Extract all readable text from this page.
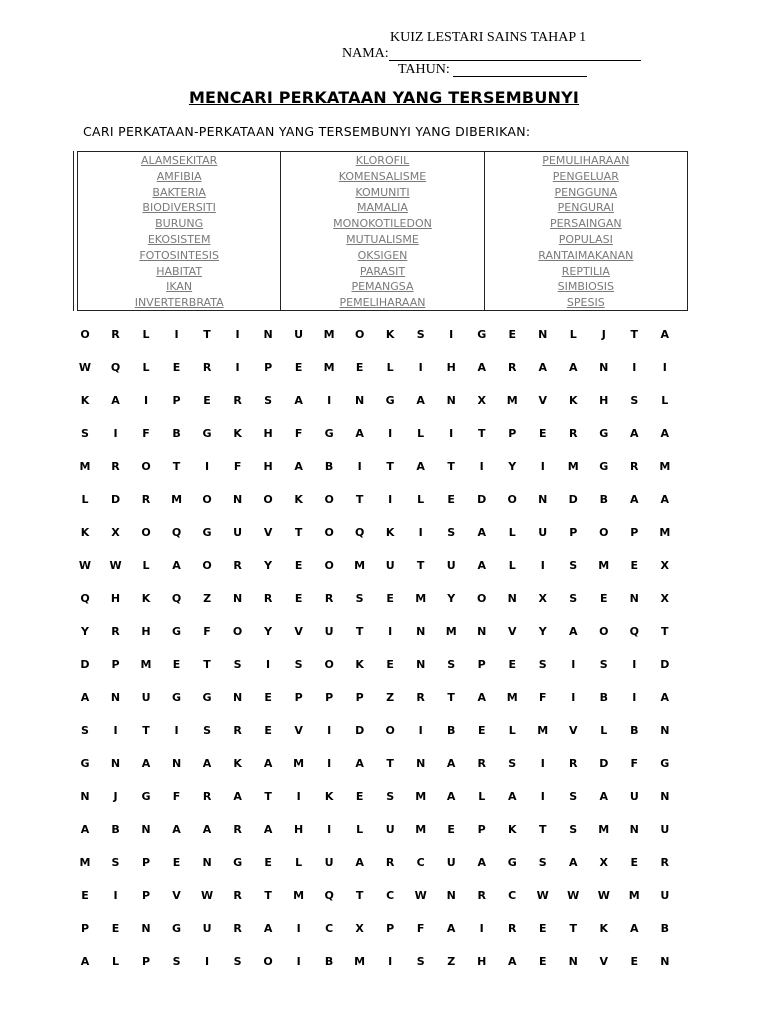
KUIZ LESTARI SAINS TAHAP 1
NAMA:
TAHUN:
MENCARI PERKATAAN YANG TERSEMBUNYI
CARI PERKATAAN-PERKATAAN YANG TERSEMBUNYI YANG DIBERIKAN:
ALAMSEKITAR
AMFIBIA
BAKTERIA
BIODIVERSITI
BURUNG
EKOSISTEM
FOTOSINTESIS
HABITAT
IKAN
INVERTERBRATA
KLOROFIL
KOMENSALISME
KOMUNITI
MAMALIA
MONOKOTILEDON
MUTUALISME
OKSIGEN
PARASIT
PEMANGSA
PEMELIHARAAN
PEMULIHARAAN
PENGELUAR
PENGGUNA
PENGURAI
PERSAINGAN
POPULASI
RANTAIMAKANAN
REPTILIA
SIMBIOSIS
SPESIS
O	R	L	I	T	I	N	U	M	O	K	S	I	G	E	N	L	J	T	A
W	Q	L	E	R	I	P	E	M	E	L	I	H	A	R	A	A	N	I	I
K	A	I	P	E	R	S	A	I	N	G	A	N	X	M	V	K	H	S	L
S	I	F	B	G	K	H	F	G	A	I	L	I	T	P	E	R	G	A	A
M	R	O	T	I	F	H	A	B	I	T	A	T	I	Y	I	M	G	R	M
L	D	R	M	O	N	O	K	O	T	I	L	E	D	O	N	D	B	A	A
K	X	O	Q	G	U	V	T	O	Q	K	I	S	A	L	U	P	O	P	M
W	W	L	A	O	R	Y	E	O	M	U	T	U	A	L	I	S	M	E	X
Q	H	K	Q	Z	N	R	E	R	S	E	M	Y	O	N	X	S	E	N	X
Y	R	H	G	F	O	Y	V	U	T	I	N	M	N	V	Y	A	O	Q	T
D	P	M	E	T	S	I	S	O	K	E	N	S	P	E	S	I	S	I	D
A	N	U	G	G	N	E	P	P	P	Z	R	T	A	M	F	I	B	I	A
S	I	T	I	S	R	E	V	I	D	O	I	B	E	L	M	V	L	B	N
G	N	A	N	A	K	A	M	I	A	T	N	A	R	S	I	R	D	F	G
N	J	G	F	R	A	T	I	K	E	S	M	A	L	A	I	S	A	U	N
A	B	N	A	A	R	A	H	I	L	U	M	E	P	K	T	S	M	N	U
M	S	P	E	N	G	E	L	U	A	R	C	U	A	G	S	A	X	E	R
E	I	P	V	W	R	T	M	Q	T	C	W	N	R	C	W	W	W	M	U
P	E	N	G	U	R	A	I	C	X	P	F	A	I	R	E	T	K	A	B
A	L	P	S	I	S	O	I	B	M	I	S	Z	H	A	E	N	V	E	N
